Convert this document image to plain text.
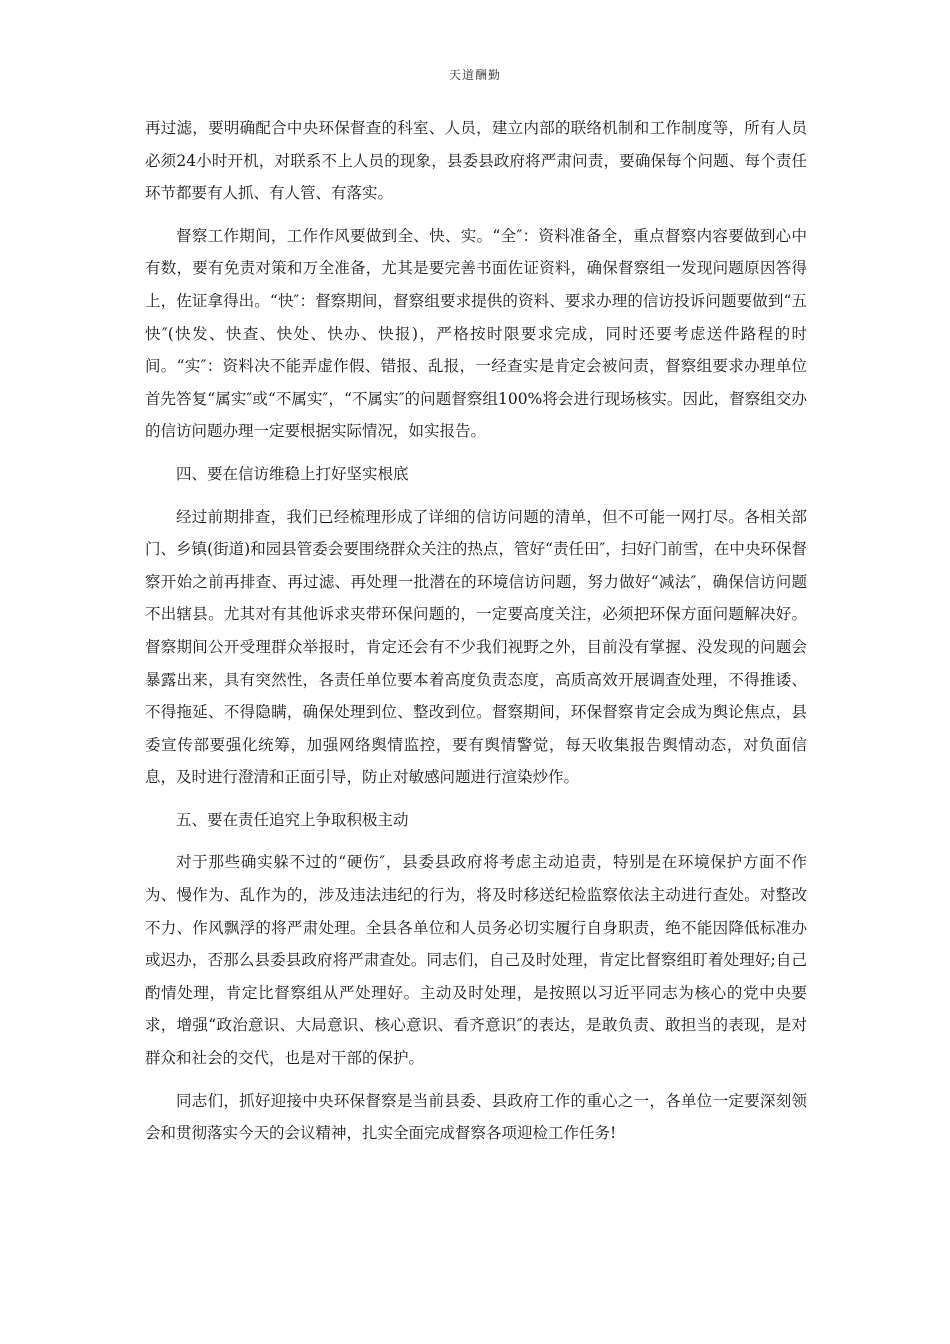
天道酬勤

再过滤，要明确配合中央环保督查的科室、人员，建立内部的联络机制和工作制度等，所有人员必须24小时开机，对联系不上人员的现象，县委县政府将严肃问责，要确保每个问题、每个责任环节都要有人抓、有人管、有落实。

督察工作期间，工作作风要做到全、快、实。“全″：资料准备全，重点督察内容要做到心中有数，要有免责对策和万全准备，尤其是要完善书面佐证资料，确保督察组一发现问题原因答得上，佐证拿得出。“快″：督察期间，督察组要求提供的资料、要求办理的信访投诉问题要做到“五快″(快发、快查、快处、快办、快报)，严格按时限要求完成，同时还要考虑送件路程的时间。“实″：资料决不能弄虚作假、错报、乱报，一经查实是肯定会被问责，督察组要求办理单位首先答复“属实″或“不属实″，“不属实″的问题督察组100%将会进行现场核实。因此，督察组交办的信访问题办理一定要根据实际情况，如实报告。

四、要在信访维稳上打好坚实根底

经过前期排查，我们已经梳理形成了详细的信访问题的清单，但不可能一网打尽。各相关部门、乡镇(街道)和园县管委会要围绕群众关注的热点，管好“责任田″，扫好门前雪，在中央环保督察开始之前再排查、再过滤、再处理一批潜在的环境信访问题，努力做好“减法″，确保信访问题不出辖县。尤其对有其他诉求夹带环保问题的，一定要高度关注，必须把环保方面问题解决好。督察期间公开受理群众举报时，肯定还会有不少我们视野之外，目前没有掌握、没发现的问题会暴露出来，具有突然性，各责任单位要本着高度负责态度，高质高效开展调查处理，不得推诿、不得拖延、不得隐瞒，确保处理到位、整改到位。督察期间，环保督察肯定会成为舆论焦点，县委宣传部要强化统筹，加强网络舆情监控，要有舆情警觉，每天收集报告舆情动态，对负面信息，及时进行澄清和正面引导，防止对敏感问题进行渲染炒作。

五、要在责任追究上争取积极主动

对于那些确实躲不过的“硬伤″，县委县政府将考虑主动追责，特别是在环境保护方面不作为、慢作为、乱作为的，涉及违法违纪的行为，将及时移送纪检监察依法主动进行查处。对整改不力、作风飘浮的将严肃处理。全县各单位和人员务必切实履行自身职责，绝不能因降低标准办或迟办，否那么县委县政府将严肃查处。同志们，自己及时处理，肯定比督察组盯着处理好;自己酌情处理，肯定比督察组从严处理好。主动及时处理，是按照以习近平同志为核心的党中央要求，增强“政治意识、大局意识、核心意识、看齐意识″的表达，是敢负责、敢担当的表现，是对群众和社会的交代，也是对干部的保护。

同志们，抓好迎接中央环保督察是当前县委、县政府工作的重心之一，各单位一定要深刻领会和贯彻落实今天的会议精神，扎实全面完成督察各项迎检工作任务!
